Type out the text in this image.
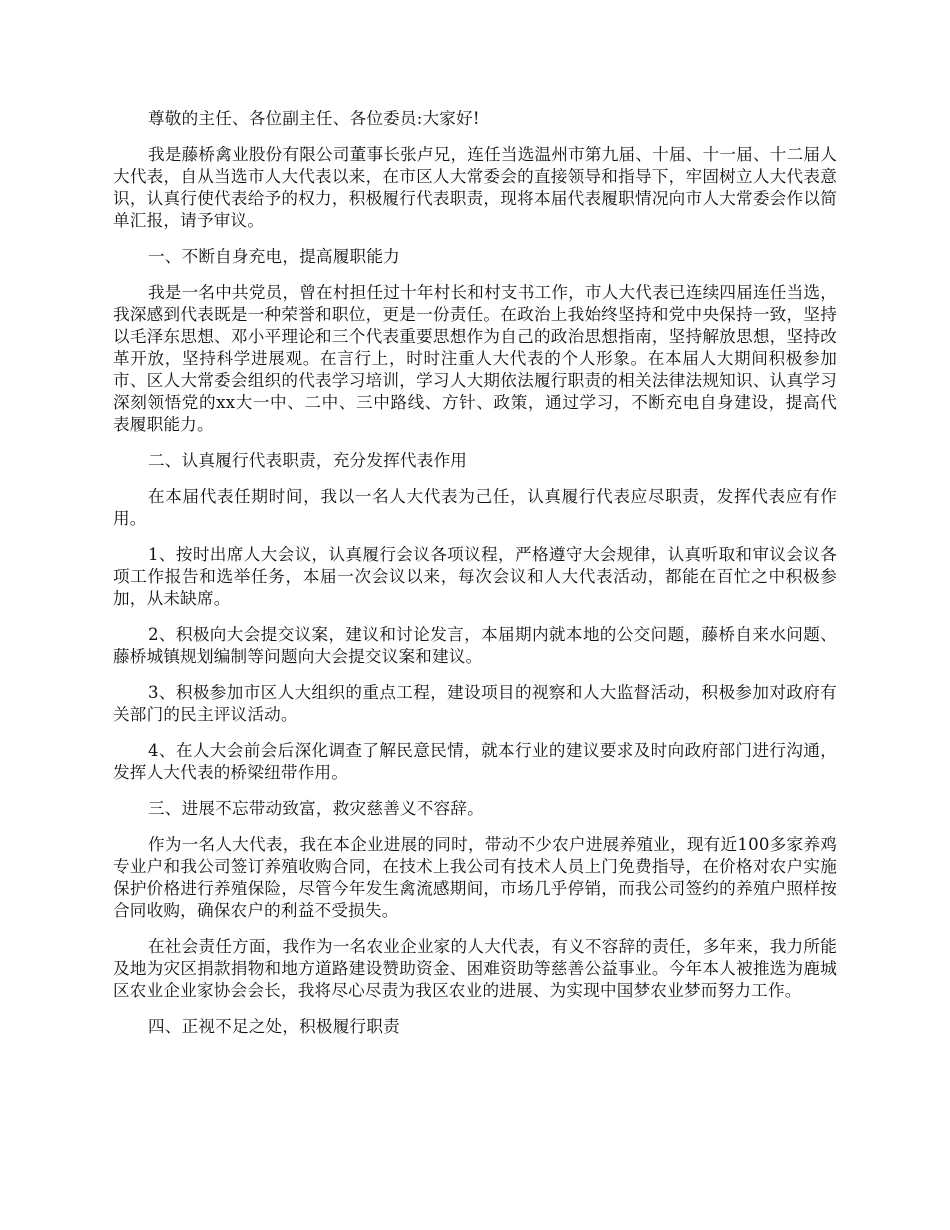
尊敬的主任、各位副主任、各位委员:大家好!

我是藤桥禽业股份有限公司董事长张卢兄，连任当选温州市第九届、十届、十一届、十二届人大代表，自从当选市人大代表以来，在市区人大常委会的直接领导和指导下，牢固树立人大代表意识，认真行使代表给予的权力，积极履行代表职责，现将本届代表履职情况向市人大常委会作以简单汇报，请予审议。

一、不断自身充电，提高履职能力

我是一名中共党员，曾在村担任过十年村长和村支书工作，市人大代表已连续四届连任当选，我深感到代表既是一种荣誉和职位，更是一份责任。在政治上我始终坚持和党中央保持一致，坚持以毛泽东思想、邓小平理论和三个代表重要思想作为自己的政治思想指南，坚持解放思想，坚持改革开放，坚持科学进展观。在言行上，时时注重人大代表的个人形象。在本届人大期间积极参加市、区人大常委会组织的代表学习培训，学习人大期依法履行职责的相关法律法规知识、认真学习深刻领悟党的xx大一中、二中、三中路线、方针、政策，通过学习，不断充电自身建设，提高代表履职能力。

二、认真履行代表职责，充分发挥代表作用

在本届代表任期时间，我以一名人大代表为己任，认真履行代表应尽职责，发挥代表应有作用。

1、按时出席人大会议，认真履行会议各项议程，严格遵守大会规律，认真听取和审议会议各项工作报告和选举任务，本届一次会议以来，每次会议和人大代表活动，都能在百忙之中积极参加，从未缺席。

2、积极向大会提交议案，建议和讨论发言，本届期内就本地的公交问题，藤桥自来水问题、藤桥城镇规划编制等问题向大会提交议案和建议。

3、积极参加市区人大组织的重点工程，建设项目的视察和人大监督活动，积极参加对政府有关部门的民主评议活动。

4、在人大会前会后深化调查了解民意民情，就本行业的建议要求及时向政府部门进行沟通，发挥人大代表的桥梁纽带作用。

三、进展不忘带动致富，救灾慈善义不容辞。

作为一名人大代表，我在本企业进展的同时，带动不少农户进展养殖业，现有近100多家养鸡专业户和我公司签订养殖收购合同，在技术上我公司有技术人员上门免费指导，在价格对农户实施保护价格进行养殖保险，尽管今年发生禽流感期间，市场几乎停销，而我公司签约的养殖户照样按合同收购，确保农户的利益不受损失。

在社会责任方面，我作为一名农业企业家的人大代表，有义不容辞的责任，多年来，我力所能及地为灾区捐款捐物和地方道路建设赞助资金、困难资助等慈善公益事业。今年本人被推选为鹿城区农业企业家协会会长，我将尽心尽责为我区农业的进展、为实现中国梦农业梦而努力工作。

四、正视不足之处，积极履行职责
